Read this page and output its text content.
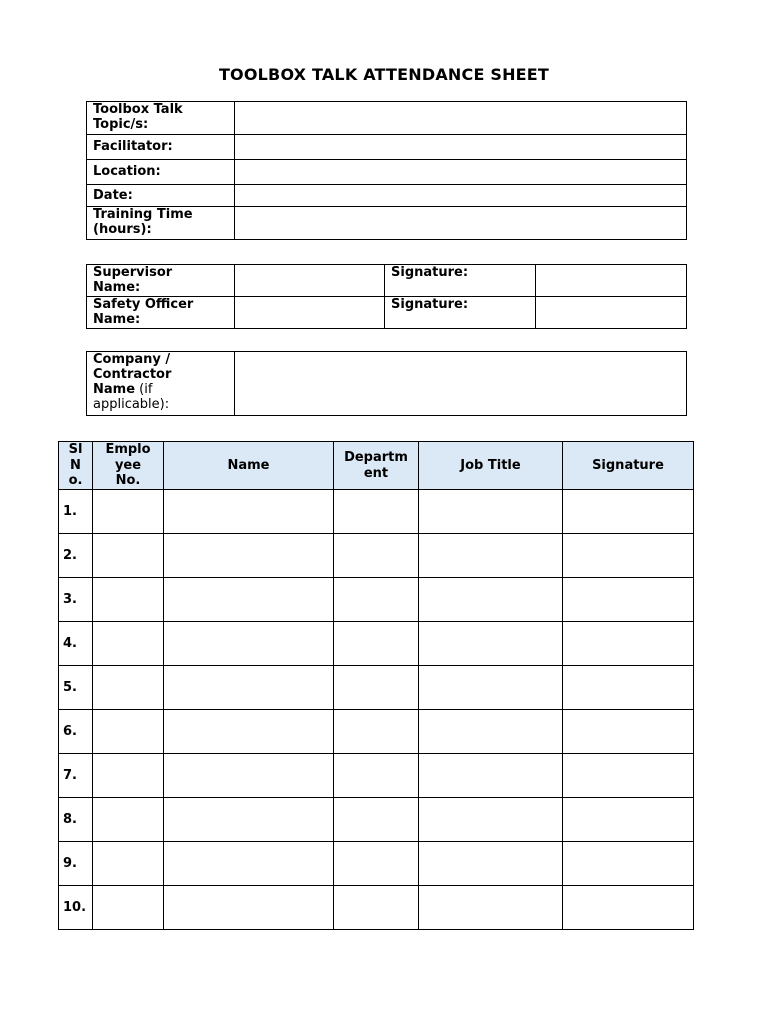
TOOLBOX TALK ATTENDANCE SHEET
Toolbox Talk
Topic/s:	
Facilitator:	
Location:	
Date:	
Training Time
(hours):	
Supervisor
Name:		Signature:	
Safety Officer
Name:		Signature:	
Company /
Contractor
Name (if
applicable):	
Sl
N
o.	Emplo
yee
No.	Name	Departm
ent	Job Title	Signature
1.					
2.					
3.					
4.					
5.					
6.					
7.					
8.					
9.					
10.					
